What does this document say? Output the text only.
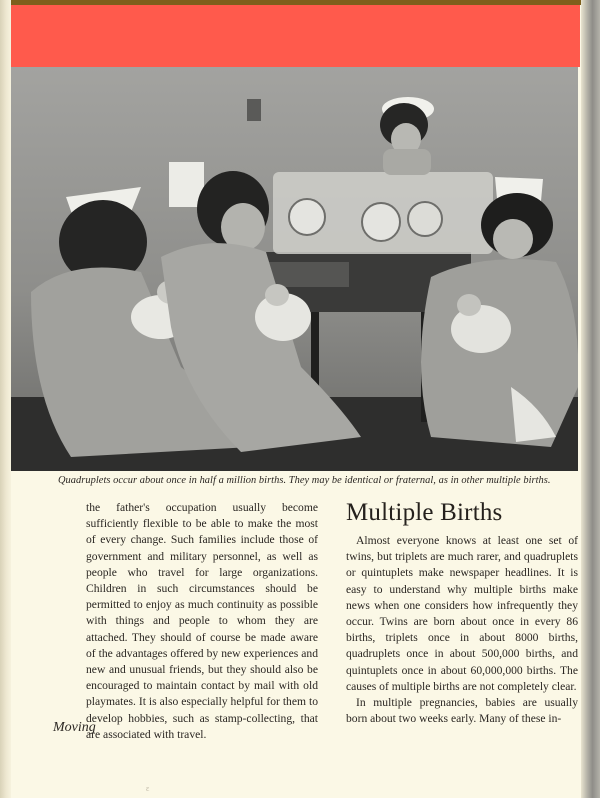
Quadruplets occur about once in half a million births. They may be identical or fraternal, as in other multiple births.

the father's occupation usually become sufficiently flexible to be able to make the most of every change. Such families include those of government and military personnel, as well as people who travel for large organizations. Children in such circumstances should be permitted to enjoy as much continuity as possible with things and people to whom they are attached. They should of course be made aware of the advantages offered by new experiences and new and unusual friends, but they should also be encouraged to maintain contact by mail with old playmates. It is also especially helpful for them to develop hobbies, such as stamp-collecting, that are associated with travel.

Multiple Births

Almost everyone knows at least one set of twins, but triplets are much rarer, and quadruplets or quintuplets make newspaper headlines. It is easy to understand why multiple births make news when one considers how infrequently they occur. Twins are born about once in every 86 births, triplets once in about 8000 births, quadruplets once in about 500,000 births, and quintuplets once in about 60,000,000 births. The causes of multiple births are not completely clear.

In multiple pregnancies, babies are usually born about two weeks early. Many of these in-

Moving
ɛ
